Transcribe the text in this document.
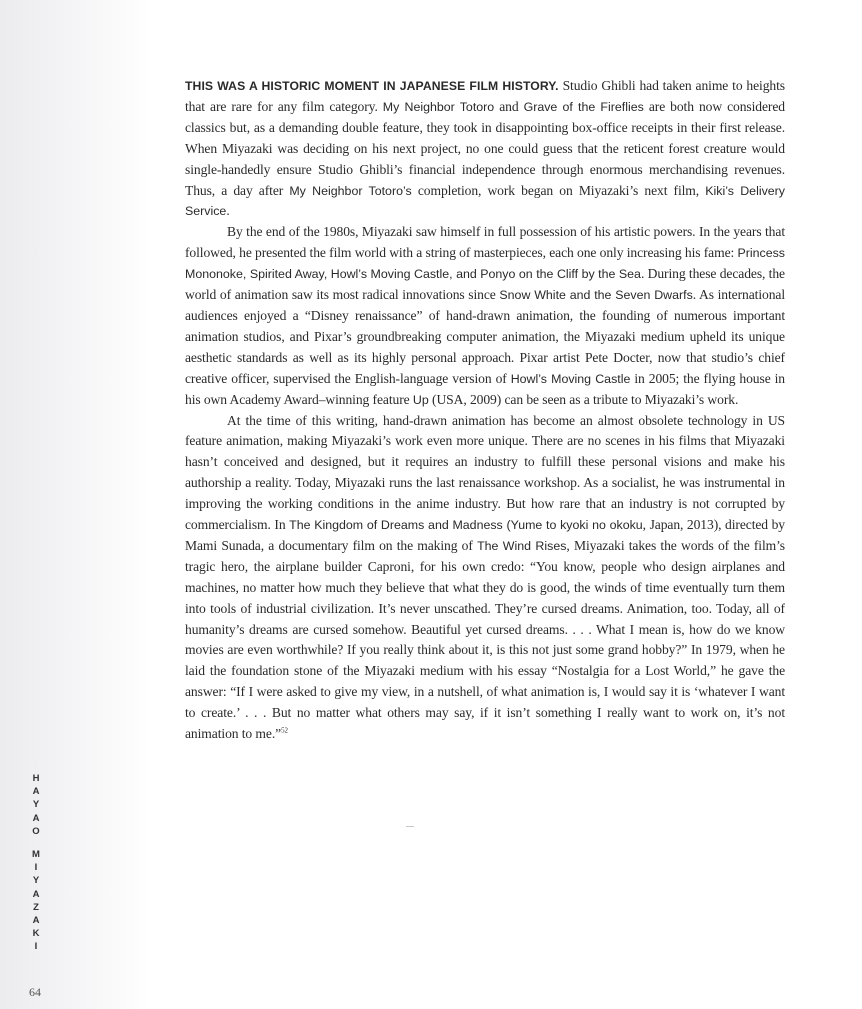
THIS WAS A HISTORIC MOMENT IN JAPANESE FILM HISTORY. Studio Ghibli had taken anime to heights that are rare for any film category. My Neighbor Totoro and Grave of the Fireflies are both now considered classics but, as a demanding double feature, they took in disappointing box-office receipts in their first release. When Miyazaki was deciding on his next project, no one could guess that the reticent forest creature would single-handedly ensure Studio Ghibli’s financial independence through enormous merchandising revenues. Thus, a day after My Neighbor Totoro’s completion, work began on Miyazaki’s next film, Kiki’s Delivery Service.

By the end of the 1980s, Miyazaki saw himself in full possession of his artistic powers. In the years that followed, he presented the film world with a string of masterpieces, each one only increasing his fame: Princess Mononoke, Spirited Away, Howl’s Moving Castle, and Ponyo on the Cliff by the Sea. During these decades, the world of animation saw its most radical innovations since Snow White and the Seven Dwarfs. As international audiences enjoyed a “Disney renaissance” of hand-drawn animation, the founding of numerous important animation studios, and Pixar’s groundbreaking computer animation, the Miyazaki medium upheld its unique aesthetic standards as well as its highly personal approach. Pixar artist Pete Docter, now that studio’s chief creative officer, supervised the English-language version of Howl’s Moving Castle in 2005; the flying house in his own Academy Award–winning feature Up (USA, 2009) can be seen as a tribute to Miyazaki’s work.

At the time of this writing, hand-drawn animation has become an almost obsolete technology in US feature animation, making Miyazaki’s work even more unique. There are no scenes in his films that Miyazaki hasn’t conceived and designed, but it requires an industry to fulfill these personal visions and make his authorship a reality. Today, Miyazaki runs the last renaissance workshop. As a socialist, he was instrumental in improving the working conditions in the anime industry. But how rare that an industry is not corrupted by commercialism. In The Kingdom of Dreams and Madness (Yume to kyoki no okoku, Japan, 2013), directed by Mami Sunada, a documentary film on the making of The Wind Rises, Miyazaki takes the words of the film’s tragic hero, the airplane builder Caproni, for his own credo: “You know, people who design airplanes and machines, no matter how much they believe that what they do is good, the winds of time eventually turn them into tools of industrial civilization. It’s never unscathed. They’re cursed dreams. Animation, too. Today, all of humanity’s dreams are cursed somehow. Beautiful yet cursed dreams. . . . What I mean is, how do we know movies are even worthwhile? If you really think about it, is this not just some grand hobby?” In 1979, when he laid the foundation stone of the Miyazaki medium with his essay “Nostalgia for a Lost World,” he gave the answer: “If I were asked to give my view, in a nutshell, of what animation is, I would say it is ‘whatever I want to create.’ . . . But no matter what others may say, if it isn’t something I really want to work on, it’s not animation to me.”$^{52}$

H
A
Y
A
O
M
I
Y
A
Z
A
K
I
64
